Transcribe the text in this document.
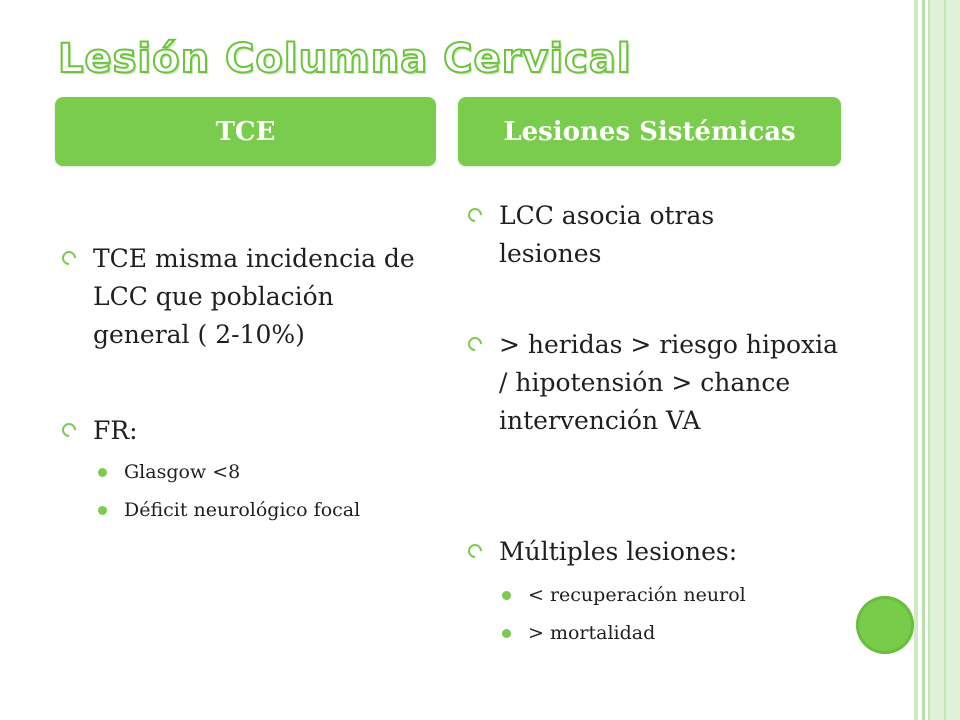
Lesión Columna Cervical
TCE	Lesiones Sistémicas
TCE misma incidencia de LCC que población general ( 2-10%)
FR:
Glasgow <8
Déficit neurológico focal
LCC asocia otras lesiones
> heridas > riesgo hipoxia / hipotensión > chance intervención VA
Múltiples lesiones:
< recuperación neurol
> mortalidad
